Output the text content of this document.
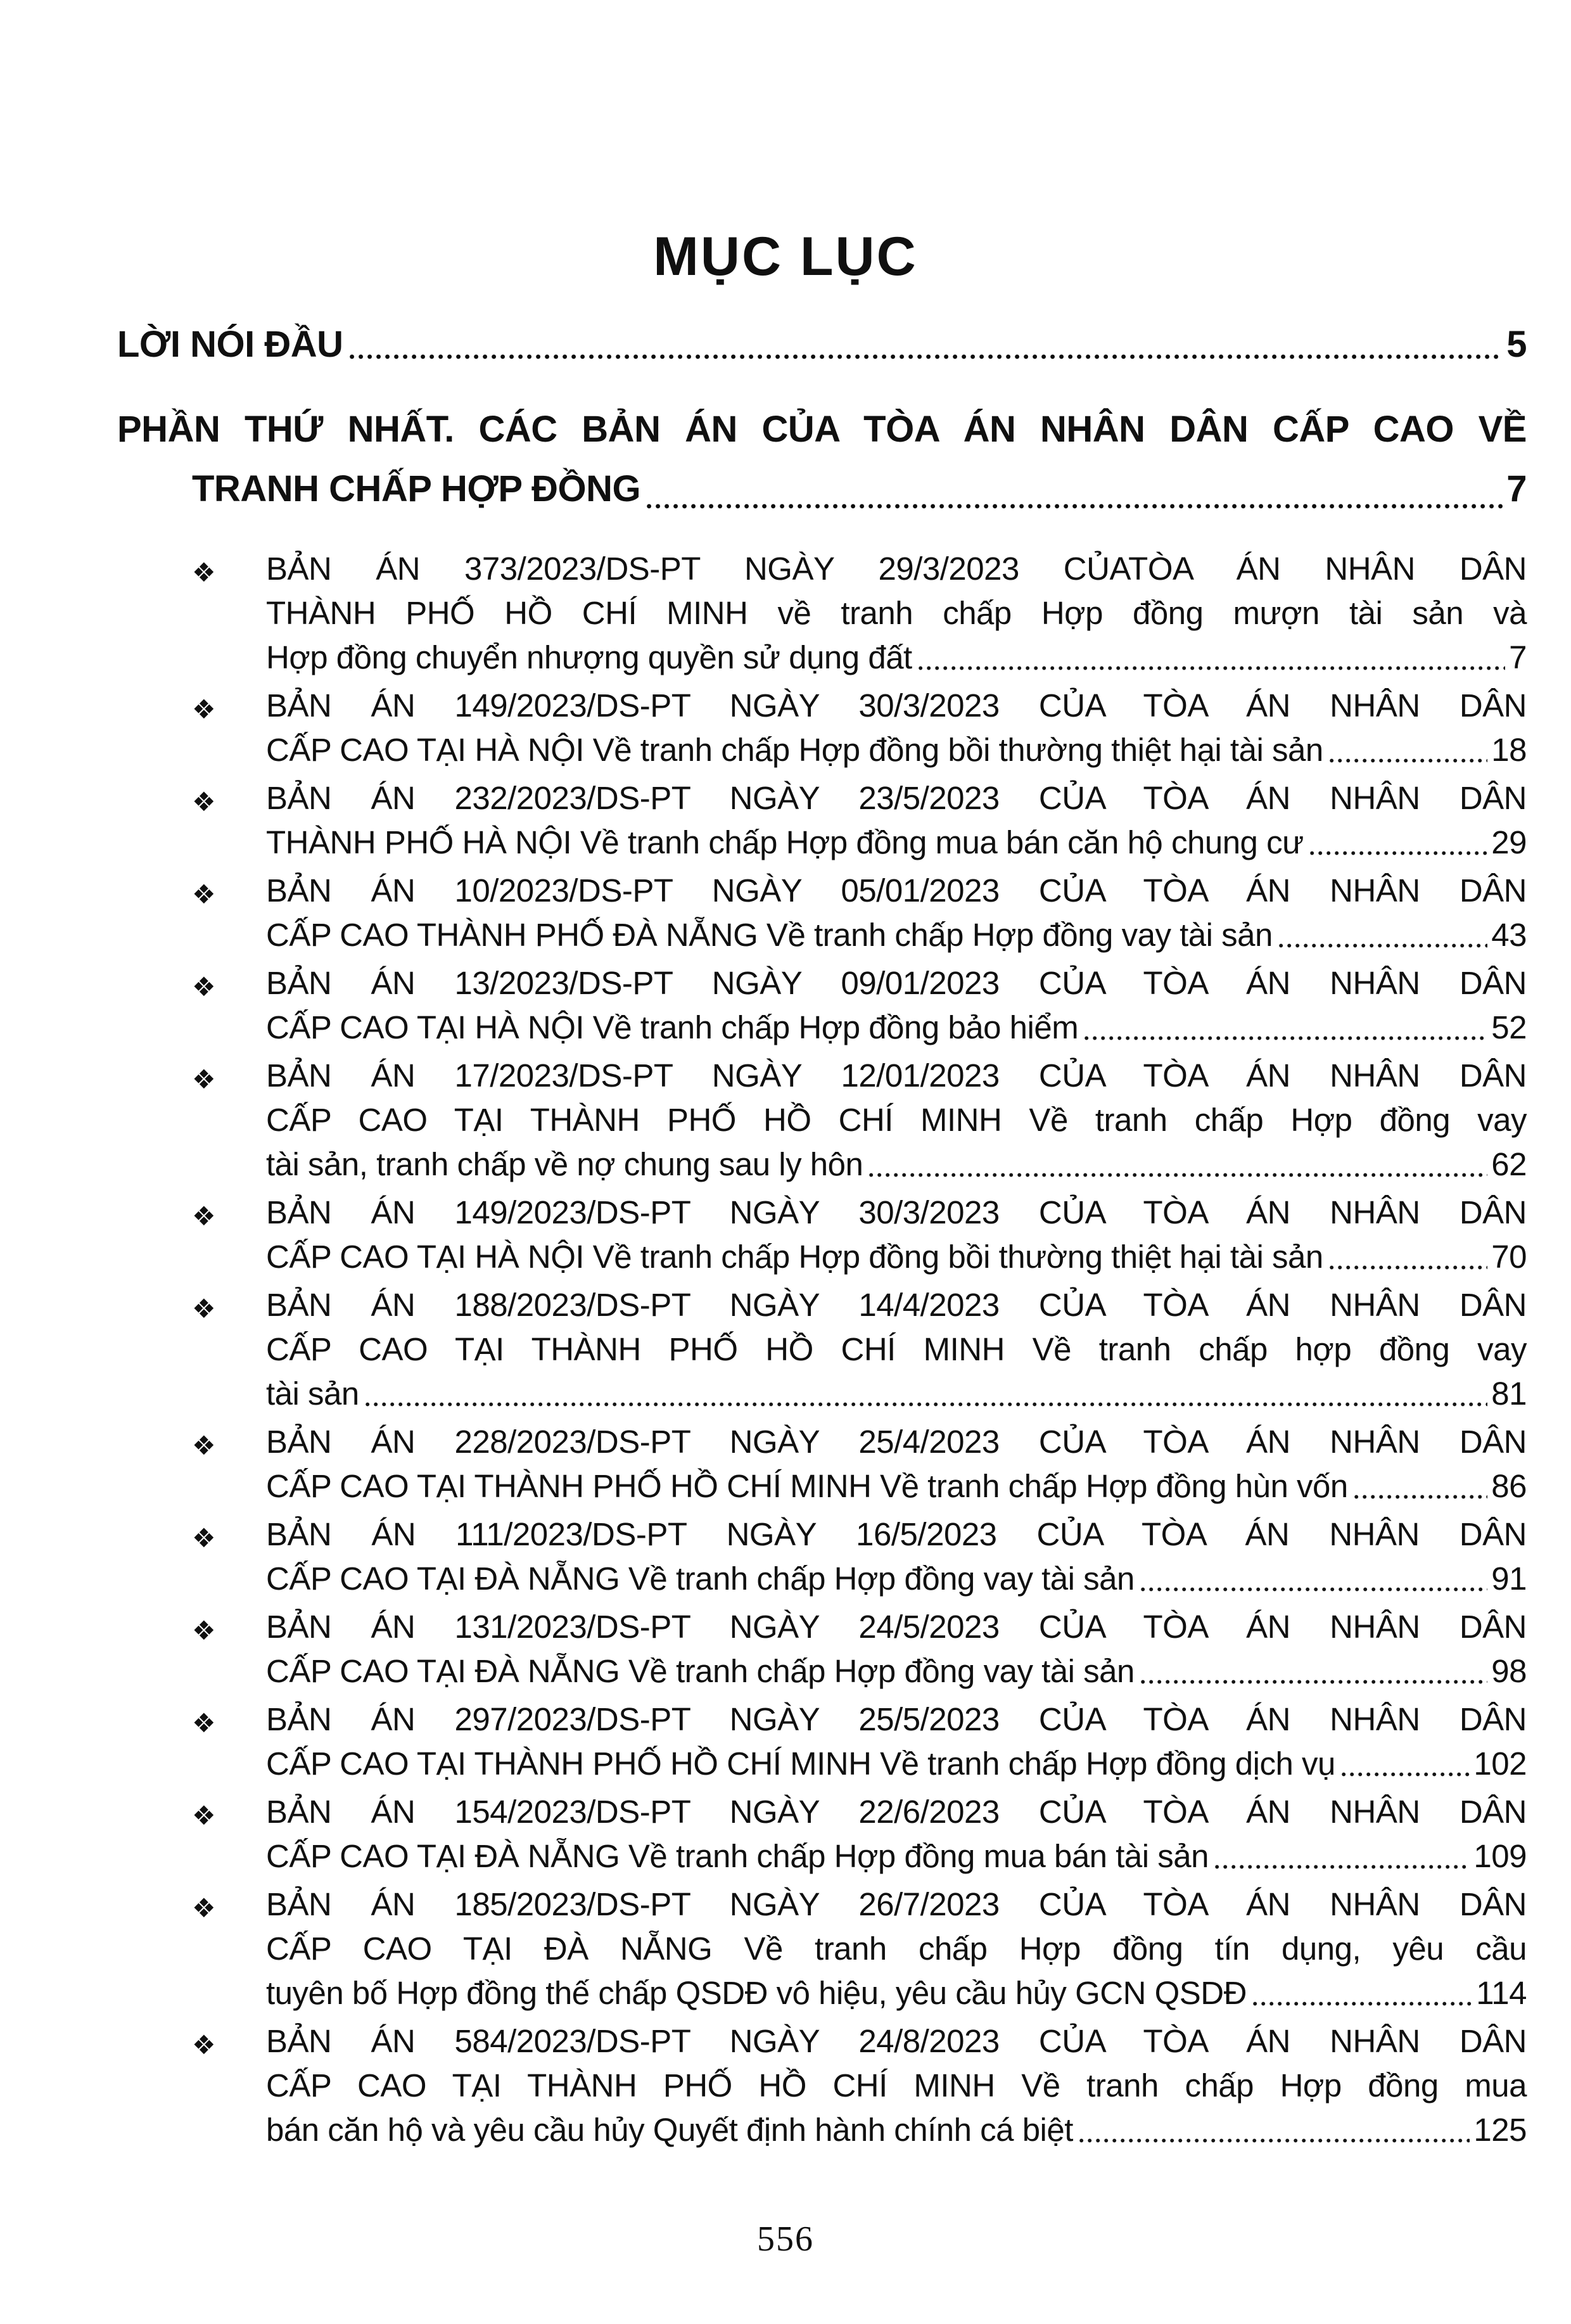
MỤC LỤC
LỜI NÓI ĐẦU	5
PHẦN THỨ NHẤT. CÁC BẢN ÁN CỦA TÒA ÁN NHÂN DÂN CẤP CAO VỀ
TRANH CHẤP HỢP ĐỒNG	7
❖ BẢN ÁN 373/2023/DS-PT NGÀY 29/3/2023 CỦATÒA ÁN NHÂN DÂN
THÀNH PHỐ HỒ CHÍ MINH về tranh chấp Hợp đồng mượn tài sản và
Hợp đồng chuyển nhượng quyền sử dụng đất	7
❖ BẢN ÁN 149/2023/DS-PT NGÀY 30/3/2023 CỦA TÒA ÁN NHÂN DÂN
CẤP CAO TẠI HÀ NỘI Về tranh chấp Hợp đồng bồi thường thiệt hại tài sản	18
❖ BẢN ÁN 232/2023/DS-PT NGÀY 23/5/2023 CỦA TÒA ÁN NHÂN DÂN
THÀNH PHỐ HÀ NỘI Về tranh chấp Hợp đồng mua bán căn hộ chung cư	29
❖ BẢN ÁN 10/2023/DS-PT NGÀY 05/01/2023 CỦA TÒA ÁN NHÂN DÂN
CẤP CAO THÀNH PHỐ ĐÀ NẴNG Về tranh chấp Hợp đồng vay tài sản	43
❖ BẢN ÁN 13/2023/DS-PT NGÀY 09/01/2023 CỦA TÒA ÁN NHÂN DÂN
CẤP CAO TẠI HÀ NỘI Về tranh chấp Hợp đồng bảo hiểm	52
❖ BẢN ÁN 17/2023/DS-PT NGÀY 12/01/2023 CỦA TÒA ÁN NHÂN DÂN
CẤP CAO TẠI THÀNH PHỐ HỒ CHÍ MINH Về tranh chấp Hợp đồng vay
tài sản, tranh chấp về nợ chung sau ly hôn	62
❖ BẢN ÁN 149/2023/DS-PT NGÀY 30/3/2023 CỦA TÒA ÁN NHÂN DÂN
CẤP CAO TẠI HÀ NỘI Về tranh chấp Hợp đồng bồi thường thiệt hại tài sản	70
❖ BẢN ÁN 188/2023/DS-PT NGÀY 14/4/2023 CỦA TÒA ÁN NHÂN DÂN
CẤP CAO TẠI THÀNH PHỐ HỒ CHÍ MINH Về tranh chấp hợp đồng vay
tài sản	81
❖ BẢN ÁN 228/2023/DS-PT NGÀY 25/4/2023 CỦA TÒA ÁN NHÂN DÂN
CẤP CAO TẠI THÀNH PHỐ HỒ CHÍ MINH Về tranh chấp Hợp đồng hùn vốn	86
❖ BẢN ÁN 111/2023/DS-PT NGÀY 16/5/2023 CỦA TÒA ÁN NHÂN DÂN
CẤP CAO TẠI ĐÀ NẴNG Về tranh chấp Hợp đồng vay tài sản	91
❖ BẢN ÁN 131/2023/DS-PT NGÀY 24/5/2023 CỦA TÒA ÁN NHÂN DÂN
CẤP CAO TẠI ĐÀ NẴNG Về tranh chấp Hợp đồng vay tài sản	98
❖ BẢN ÁN 297/2023/DS-PT NGÀY 25/5/2023 CỦA TÒA ÁN NHÂN DÂN
CẤP CAO TẠI THÀNH PHỐ HỒ CHÍ MINH Về tranh chấp Hợp đồng dịch vụ	102
❖ BẢN ÁN 154/2023/DS-PT NGÀY 22/6/2023 CỦA TÒA ÁN NHÂN DÂN
CẤP CAO TẠI ĐÀ NẴNG Về tranh chấp Hợp đồng mua bán tài sản	109
❖ BẢN ÁN 185/2023/DS-PT NGÀY 26/7/2023 CỦA TÒA ÁN NHÂN DÂN
CẤP CAO TẠI ĐÀ NẴNG Về tranh chấp Hợp đồng tín dụng, yêu cầu
tuyên bố Hợp đồng thế chấp QSDĐ vô hiệu, yêu cầu hủy GCN QSDĐ	114
❖ BẢN ÁN 584/2023/DS-PT NGÀY 24/8/2023 CỦA TÒA ÁN NHÂN DÂN
CẤP CAO TẠI THÀNH PHỐ HỒ CHÍ MINH Về tranh chấp Hợp đồng mua
bán căn hộ và yêu cầu hủy Quyết định hành chính cá biệt	125
556
